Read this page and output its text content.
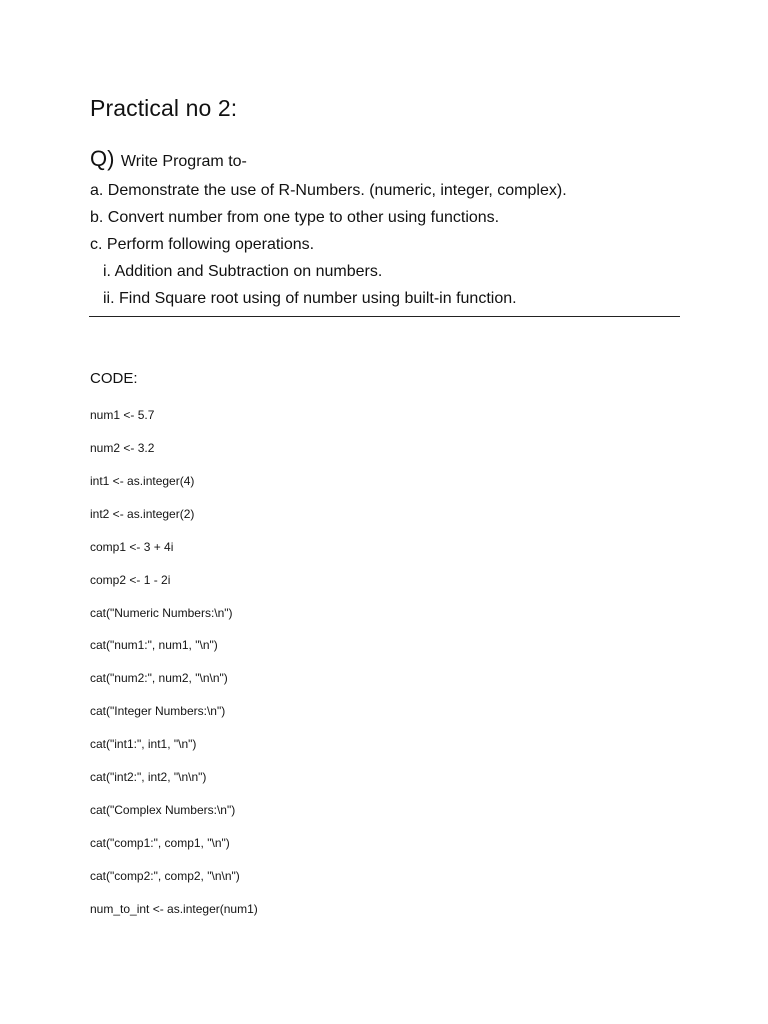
Practical no 2:
Q) Write Program to-
a. Demonstrate the use of R-Numbers. (numeric, integer, complex).
b. Convert number from one type to other using functions.
c. Perform following operations.
i. Addition and Subtraction on numbers.
ii. Find Square root using of number using built-in function.
CODE:
num1 <- 5.7
num2 <- 3.2
int1 <- as.integer(4)
int2 <- as.integer(2)
comp1 <- 3 + 4i
comp2 <- 1 - 2i
cat("Numeric Numbers:\n")
cat("num1:", num1, "\n")
cat("num2:", num2, "\n\n")
cat("Integer Numbers:\n")
cat("int1:", int1, "\n")
cat("int2:", int2, "\n\n")
cat("Complex Numbers:\n")
cat("comp1:", comp1, "\n")
cat("comp2:", comp2, "\n\n")
num_to_int <- as.integer(num1)
